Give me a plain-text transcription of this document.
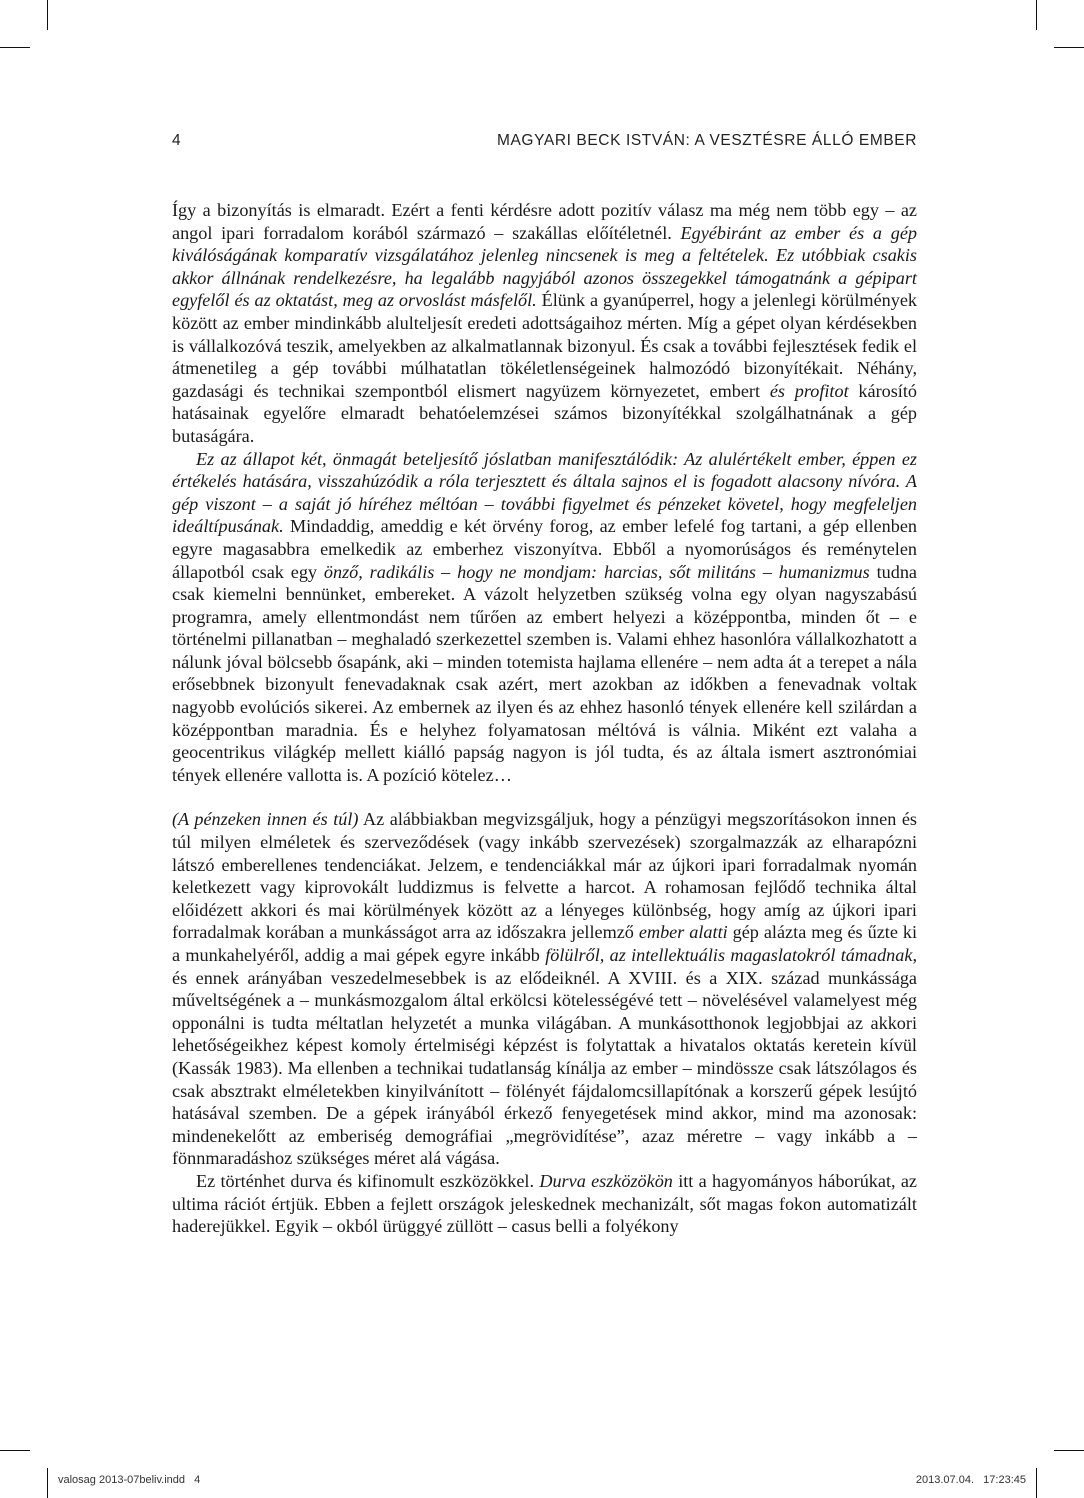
4	MAGYARI BECK ISTVÁN: A VESZTÉSRE ÁLLÓ EMBER

Így a bizonyítás is elmaradt. Ezért a fenti kérdésre adott pozitív válasz ma még nem több egy – az angol ipari forradalom korából származó – szakállas előítéletnél. Egyébiránt az ember és a gép kiválóságának komparatív vizsgálatához jelenleg nincsenek is meg a feltételek. Ez utóbbiak csakis akkor állnának rendelkezésre, ha legalább nagyjából azonos összegekkel támogatnánk a gépipart egyfelől és az oktatást, meg az orvoslást másfelől. Élünk a gyanúperrel, hogy a jelenlegi körülmények között az ember mindinkább alulteljesít eredeti adottságaihoz mérten. Míg a gépet olyan kérdésekben is vállalkozóvá teszik, amelyekben az alkalmatlannak bizonyul. És csak a további fejlesztések fedik el átmenetileg a gép további múlhatatlan tökéletlenségeinek halmozódó bizonyítékait. Néhány, gazdasági és technikai szempontból elismert nagyüzem környezetet, embert és profitot károsító hatásainak egyelőre elmaradt behatóelemzései számos bizonyítékkal szolgálhatnának a gép butaságára.

Ez az állapot két, önmagát beteljesítő jóslatban manifesztálódik: Az alulértékelt ember, éppen ez értékelés hatására, visszahúzódik a róla terjesztett és általa sajnos el is fogadott alacsony nívóra. A gép viszont – a saját jó híréhez méltóan – további figyelmet és pénzeket követel, hogy megfeleljen ideáltípusának. Mindaddig, ameddig e két örvény forog, az ember lefelé fog tartani, a gép ellenben egyre magasabbra emelkedik az emberhez viszonyítva. Ebből a nyomorúságos és reménytelen állapotból csak egy önző, radikális – hogy ne mondjam: harcias, sőt militáns – humanizmus tudna csak kiemelni bennünket, embereket. A vázolt helyzetben szükség volna egy olyan nagyszabású programra, amely ellentmondást nem tűrően az embert helyezi a középpontba, minden őt – e történelmi pillanatban – meghaladó szerkezettel szemben is. Valami ehhez hasonlóra vállalkozhatott a nálunk jóval bölcsebb ősapánk, aki – minden totemista hajlama ellenére – nem adta át a terepet a nála erősebbnek bizonyult fenevadaknak csak azért, mert azokban az időkben a fenevadnak voltak nagyobb evolúciós sikerei. Az embernek az ilyen és az ehhez hasonló tények ellenére kell szilárdan a középpontban maradnia. És e helyhez folyamatosan méltóvá is válnia. Miként ezt valaha a geocentrikus világkép mellett kiálló papság nagyon is jól tudta, és az általa ismert asztronómiai tények ellenére vallotta is. A pozíció kötelez…

(A pénzeken innen és túl) Az alábbiakban megvizsgáljuk, hogy a pénzügyi megszorításokon innen és túl milyen elméletek és szerveződések (vagy inkább szervezések) szorgalmazzák az elharapózni látszó emberellenes tendenciákat. Jelzem, e tendenciákkal már az újkori ipari forradalmak nyomán keletkezett vagy kiprovokált luddizmus is felvette a harcot. A rohamosan fejlődő technika által előidézett akkori és mai körülmények között az a lényeges különbség, hogy amíg az újkori ipari forradalmak korában a munkásságot arra az időszakra jellemző ember alatti gép alázta meg és űzte ki a munkahelyéről, addig a mai gépek egyre inkább fölülről, az intellektuális magaslatokról támadnak, és ennek arányában veszedelmesebbek is az elődeiknél. A XVIII. és a XIX. század munkássága műveltségének a – munkásmozgalom által erkölcsi kötelességévé tett – növelésével valamelyest még opponálni is tudta méltatlan helyzetét a munka világában. A munkásotthonok legjobbjai az akkori lehetőségeikhez képest komoly értelmiségi képzést is folytattak a hivatalos oktatás keretein kívül (Kassák 1983). Ma ellenben a technikai tudatlanság kínálja az ember – mindössze csak látszólagos és csak absztrakt elméletekben kinyilvánított – fölényét fájdalomcsillapítónak a korszerű gépek lesújtó hatásával szemben. De a gépek irányából érkező fenyegetések mind akkor, mind ma azonosak: mindenekelőtt az emberiség demográfiai „megrövidítése”, azaz méretre – vagy inkább a – fönnmaradáshoz szükséges méret alá vágása.

Ez történhet durva és kifinomult eszközökkel. Durva eszközökön itt a hagyományos háborúkat, az ultima rációt értjük. Ebben a fejlett országok jeleskednek mechanizált, sőt magas fokon automatizált haderejükkel. Egyik – okból ürüggyé züllött – casus belli a folyékony

valosag 2013-07beliv.indd   4	2013.07.04.   17:23:45
